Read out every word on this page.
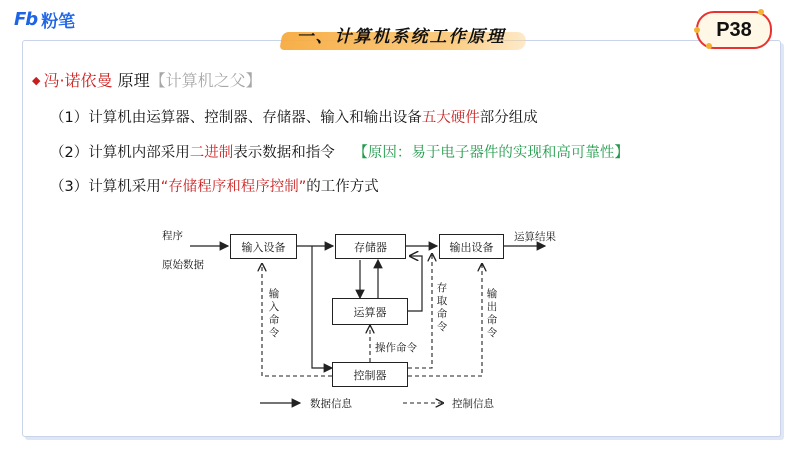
Fb 粉笔
一、计算机系统工作原理	P38
◆ 冯·诺依曼 原理【计算机之父】
（1）计算机由运算器、控制器、存储器、输入和输出设备五大硬件部分组成
（2）计算机内部采用二进制表示数据和指令 【原因：易于电子器件的实现和高可靠性】
（3）计算机采用“存储程序和程序控制”的工作方式
程序
原始数据
输入设备	存储器	输出设备
运算器
控制器
运算结果
输入命令
存取命令
输出命令
操作命令
数据信息	控制信息
